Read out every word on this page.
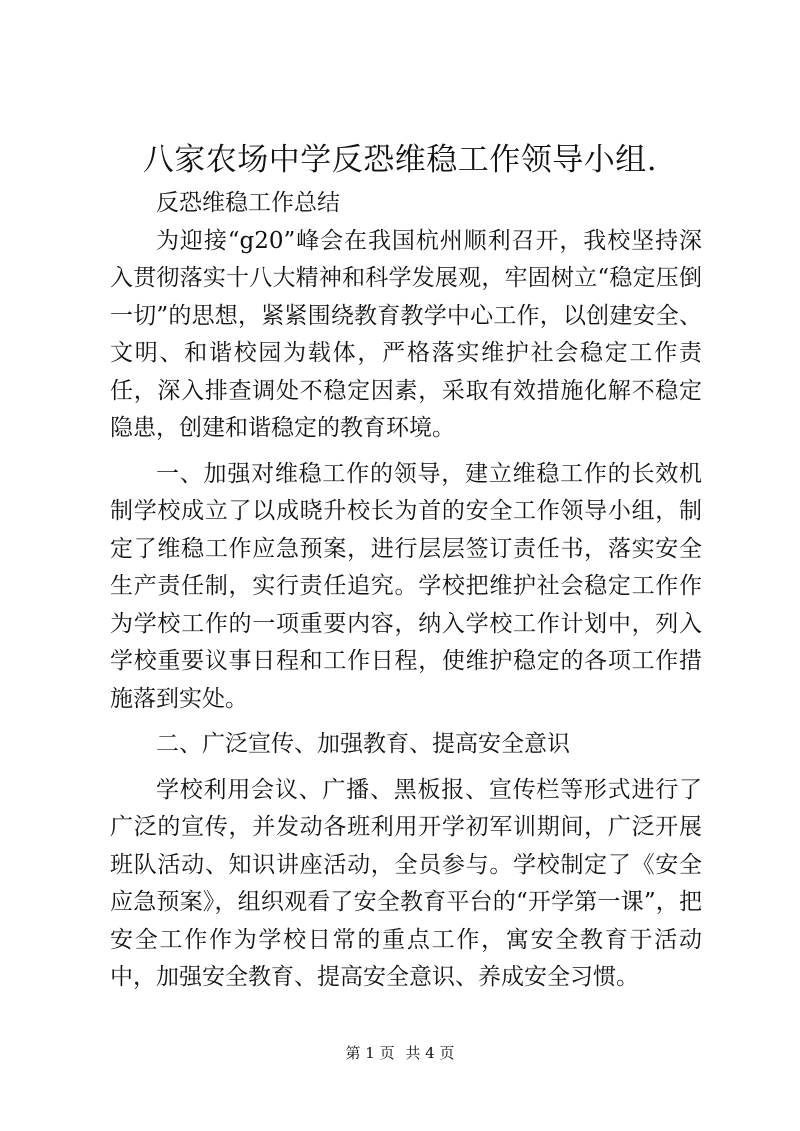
八家农场中学反恐维稳工作领导小组.

反恐维稳工作总结

为迎接“g20”峰会在我国杭州顺利召开，我校坚持深入贯彻落实十八大精神和科学发展观，牢固树立“稳定压倒一切”的思想，紧紧围绕教育教学中心工作，以创建安全、文明、和谐校园为载体，严格落实维护社会稳定工作责任，深入排查调处不稳定因素，采取有效措施化解不稳定隐患，创建和谐稳定的教育环境。

一、加强对维稳工作的领导，建立维稳工作的长效机制学校成立了以成晓升校长为首的安全工作领导小组，制定了维稳工作应急预案，进行层层签订责任书，落实安全生产责任制，实行责任追究。学校把维护社会稳定工作作为学校工作的一项重要内容，纳入学校工作计划中，列入学校重要议事日程和工作日程，使维护稳定的各项工作措施落到实处。

二、广泛宣传、加强教育、提高安全意识

学校利用会议、广播、黑板报、宣传栏等形式进行了广泛的宣传，并发动各班利用开学初军训期间，广泛开展班队活动、知识讲座活动，全员参与。学校制定了《安全应急预案》，组织观看了安全教育平台的“开学第一课”，把安全工作作为学校日常的重点工作，寓安全教育于活动中，加强安全教育、提高安全意识、养成安全习惯。

第 1 页 共 4 页
